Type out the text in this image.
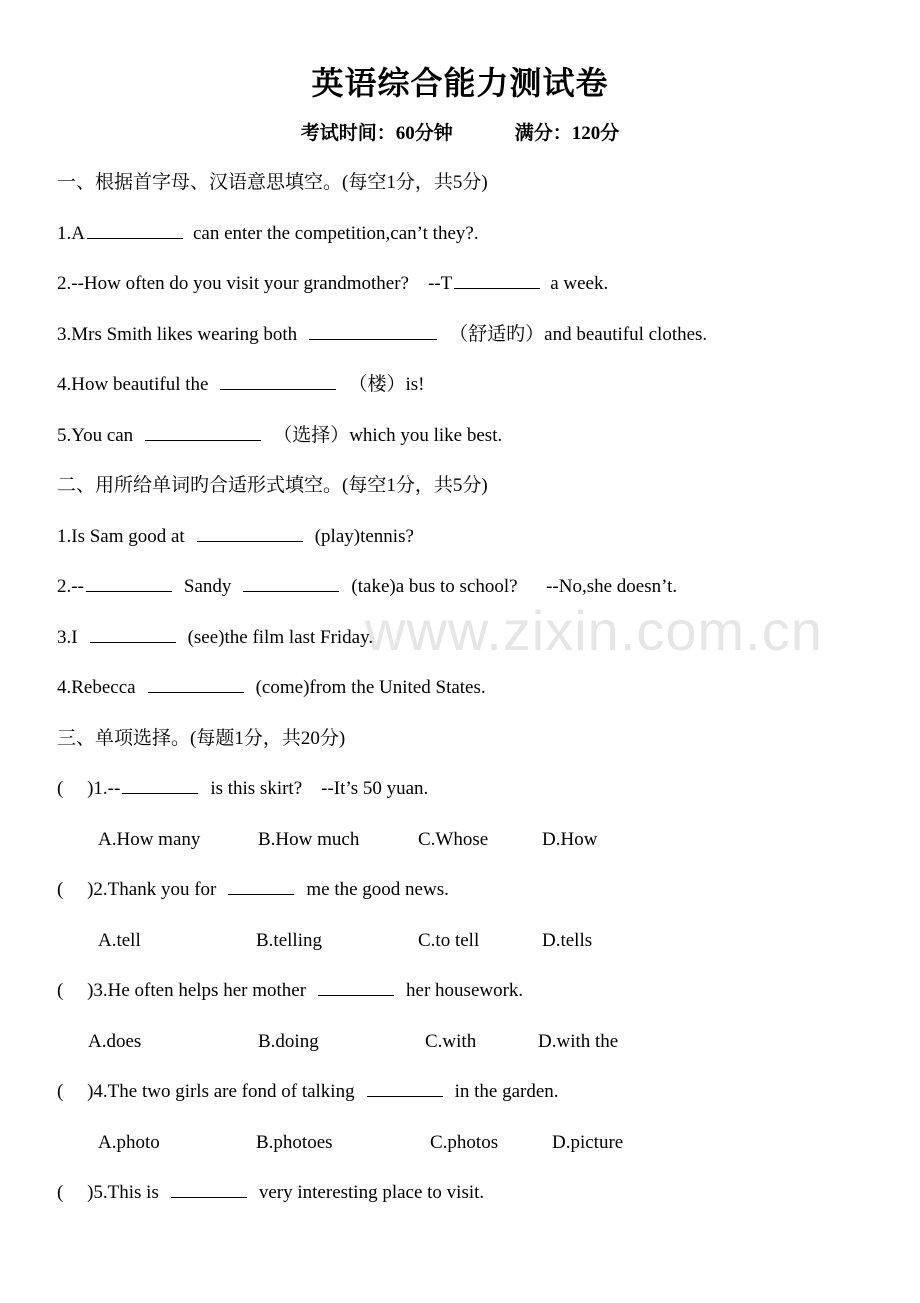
www.zixin.com.cn
英语综合能力测试卷
考试时间：60分钟	满分：120分
一、根据首字母、汉语意思填空。(每空1分，共5分)
1.A	can enter the competition,can’t they?.
2.--How often do you visit your grandmother?    --T	a week.
3.Mrs Smith likes wearing both	（舒适旳）and beautiful clothes.
4.How beautiful the	（楼）is!
5.You can	（选择）which you like best.
二、用所给单词旳合适形式填空。(每空1分，共5分)
1.Is Sam good at	(play)tennis?
2.--	Sandy	(take)a bus to school?      --No,she doesn’t.
3.I	(see)the film last Friday.
4.Rebecca	(come)from the United States.
三、单项选择。(每题1分，共20分)
(     )1.--	is this skirt?    --It’s 50 yuan.
A.How many	B.How much	C.Whose	D.How
(     )2.Thank you for	me the good news.
A.tell	B.telling	C.to tell	D.tells
(     )3.He often helps her mother	her housework.
A.does	B.doing	C.with	D.with the
(     )4.The two girls are fond of talking	in the garden.
A.photo	B.photoes	C.photos	D.picture
(     )5.This is	very interesting place to visit.
